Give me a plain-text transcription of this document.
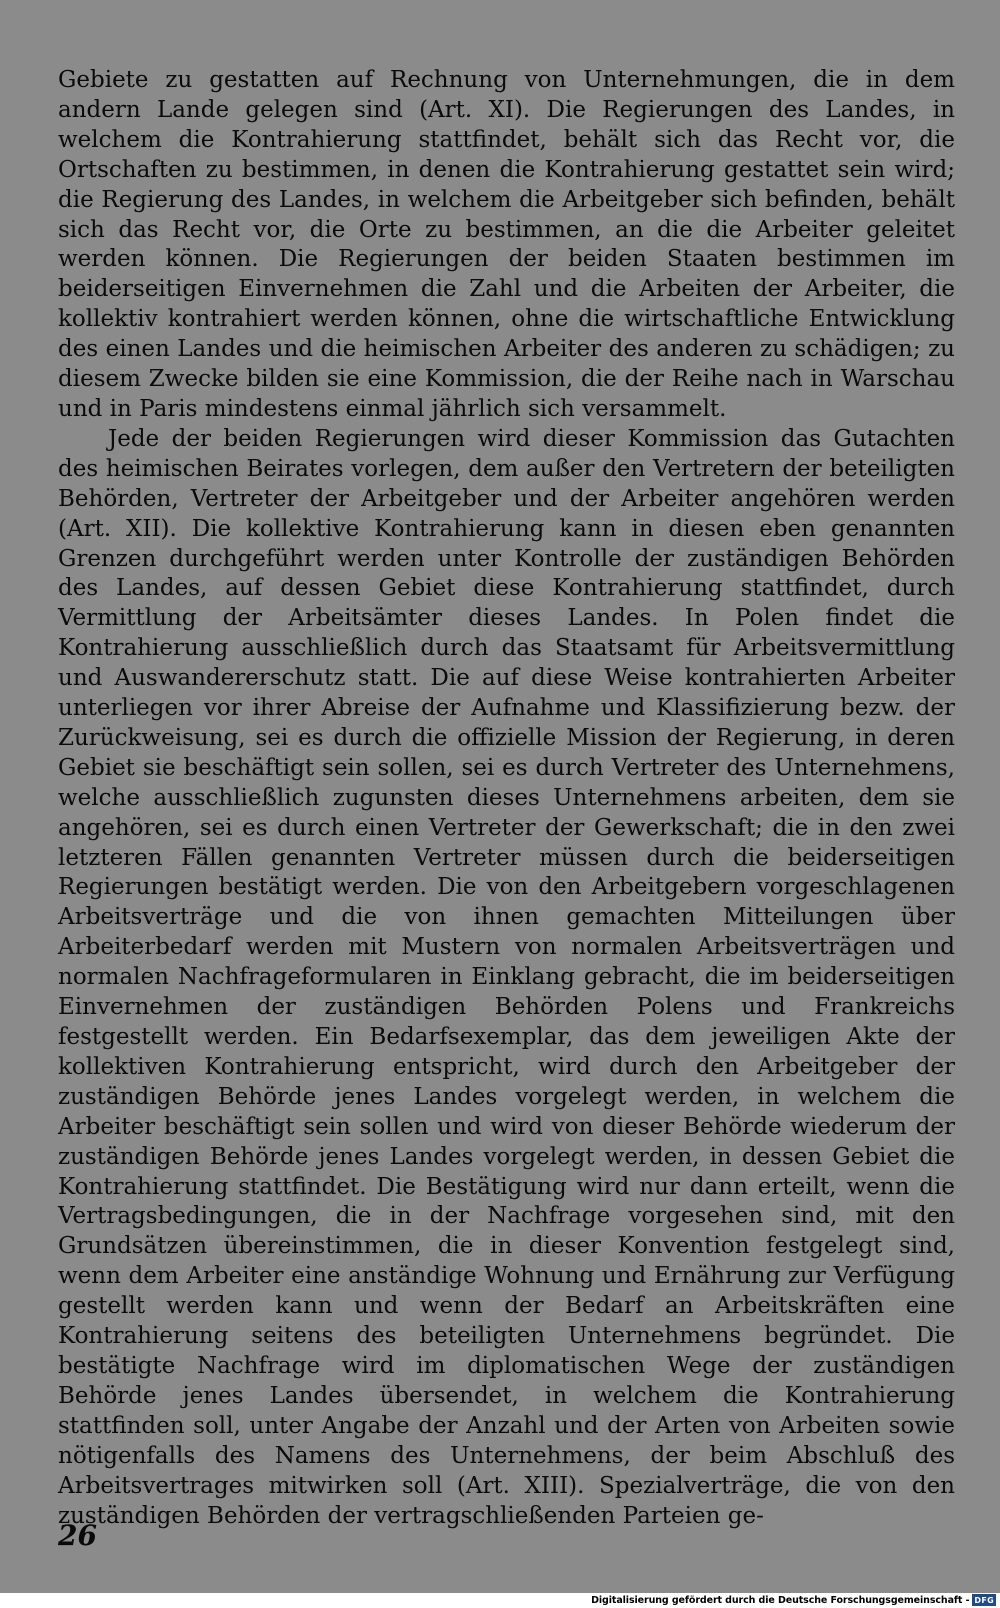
Gebiete zu gestatten auf Rechnung von Unternehmungen, die in dem andern Lande gelegen sind (Art. XI). Die Regierungen des Landes, in welchem die Kontrahierung stattfindet, behält sich das Recht vor, die Ortschaften zu bestimmen, in denen die Kontrahierung gestattet sein wird; die Regierung des Landes, in welchem die Arbeitgeber sich befinden, behält sich das Recht vor, die Orte zu bestimmen, an die die Arbeiter geleitet werden können. Die Regierungen der beiden Staaten bestimmen im beiderseitigen Einvernehmen die Zahl und die Arbeiten der Arbeiter, die kollektiv kontrahiert werden können, ohne die wirtschaftliche Entwicklung des einen Landes und die heimischen Arbeiter des anderen zu schädigen; zu diesem Zwecke bilden sie eine Kommission, die der Reihe nach in Warschau und in Paris mindestens einmal jährlich sich versammelt.

Jede der beiden Regierungen wird dieser Kommission das Gutachten des heimischen Beirates vorlegen, dem außer den Vertretern der beteiligten Behörden, Vertreter der Arbeitgeber und der Arbeiter angehören werden (Art. XII). Die kollektive Kontrahierung kann in diesen eben genannten Grenzen durchgeführt werden unter Kontrolle der zuständigen Behörden des Landes, auf dessen Gebiet diese Kontrahierung stattfindet, durch Vermittlung der Arbeitsämter dieses Landes. In Polen findet die Kontrahierung ausschließlich durch das Staatsamt für Arbeitsvermittlung und Auswandererschutz statt. Die auf diese Weise kontrahierten Arbeiter unterliegen vor ihrer Abreise der Aufnahme und Klassifizierung bezw. der Zurückweisung, sei es durch die offizielle Mission der Regierung, in deren Gebiet sie beschäftigt sein sollen, sei es durch Vertreter des Unternehmens, welche ausschließlich zugunsten dieses Unternehmens arbeiten, dem sie angehören, sei es durch einen Vertreter der Gewerkschaft; die in den zwei letzteren Fällen genannten Vertreter müssen durch die beiderseitigen Regierungen bestätigt werden. Die von den Arbeitgebern vorgeschlagenen Arbeitsverträge und die von ihnen gemachten Mitteilungen über Arbeiterbedarf werden mit Mustern von normalen Arbeitsverträgen und normalen Nachfrageformularen in Einklang gebracht, die im beiderseitigen Einvernehmen der zuständigen Behörden Polens und Frankreichs festgestellt werden. Ein Bedarfsexemplar, das dem jeweiligen Akte der kollektiven Kontrahierung entspricht, wird durch den Arbeitgeber der zuständigen Behörde jenes Landes vorgelegt werden, in welchem die Arbeiter beschäftigt sein sollen und wird von dieser Behörde wiederum der zuständigen Behörde jenes Landes vorgelegt werden, in dessen Gebiet die Kontrahierung stattfindet. Die Bestätigung wird nur dann erteilt, wenn die Vertragsbedingungen, die in der Nachfrage vorgesehen sind, mit den Grundsätzen übereinstimmen, die in dieser Konvention festgelegt sind, wenn dem Arbeiter eine anständige Wohnung und Ernährung zur Verfügung gestellt werden kann und wenn der Bedarf an Arbeitskräften eine Kontrahierung seitens des beteiligten Unternehmens begründet. Die bestätigte Nachfrage wird im diplomatischen Wege der zuständigen Behörde jenes Landes übersendet, in welchem die Kontrahierung stattfinden soll, unter Angabe der Anzahl und der Arten von Arbeiten sowie nötigenfalls des Namens des Unternehmens, der beim Abschluß des Arbeitsvertrages mitwirken soll (Art. XIII). Spezialverträge, die von den zuständigen Behörden der vertragschließenden Parteien ge-

26

Digitalisierung gefördert durch die Deutsche Forschungsgemeinschaft - DFG
